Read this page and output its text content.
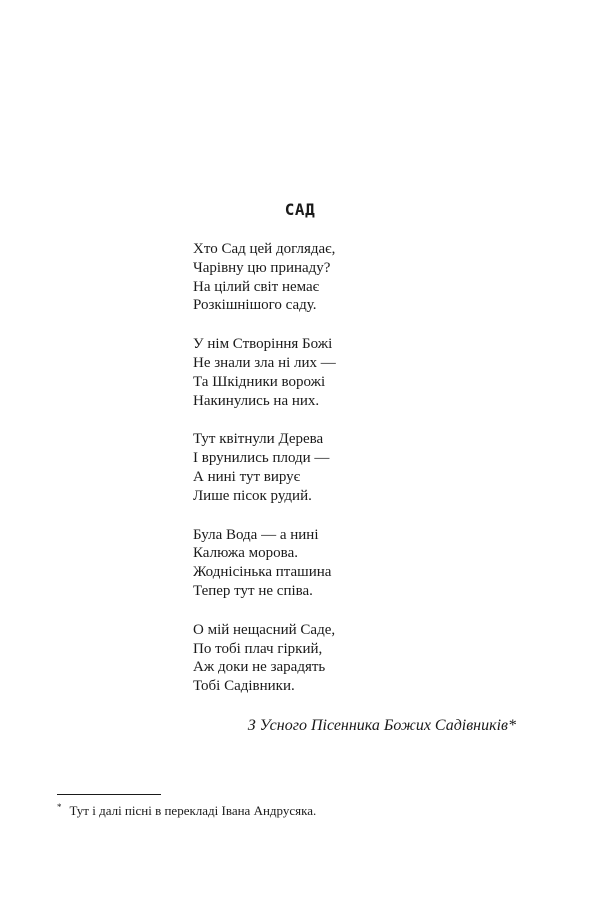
САД
Хто Сад цей доглядає,
Чарівну цю принаду?
На цілий світ немає
Розкішнішого саду.
У нім Створіння Божі
Не знали зла ні лих —
Та Шкідники ворожі
Накинулись на них.
Тут квітнули Дерева
І врунились плоди —
А нині тут вирує
Лише пісок рудий.
Була Вода — а нині
Калюжа морова.
Жоднісінька пташина
Тепер тут не співа.
О мій нещасний Саде,
По тобі плач гіркий,
Аж доки не зарадять
Тобі Садівники.
З Усного Пісенника Божих Садівників*
* Тут і далі пісні в перекладі Івана Андрусяка.
